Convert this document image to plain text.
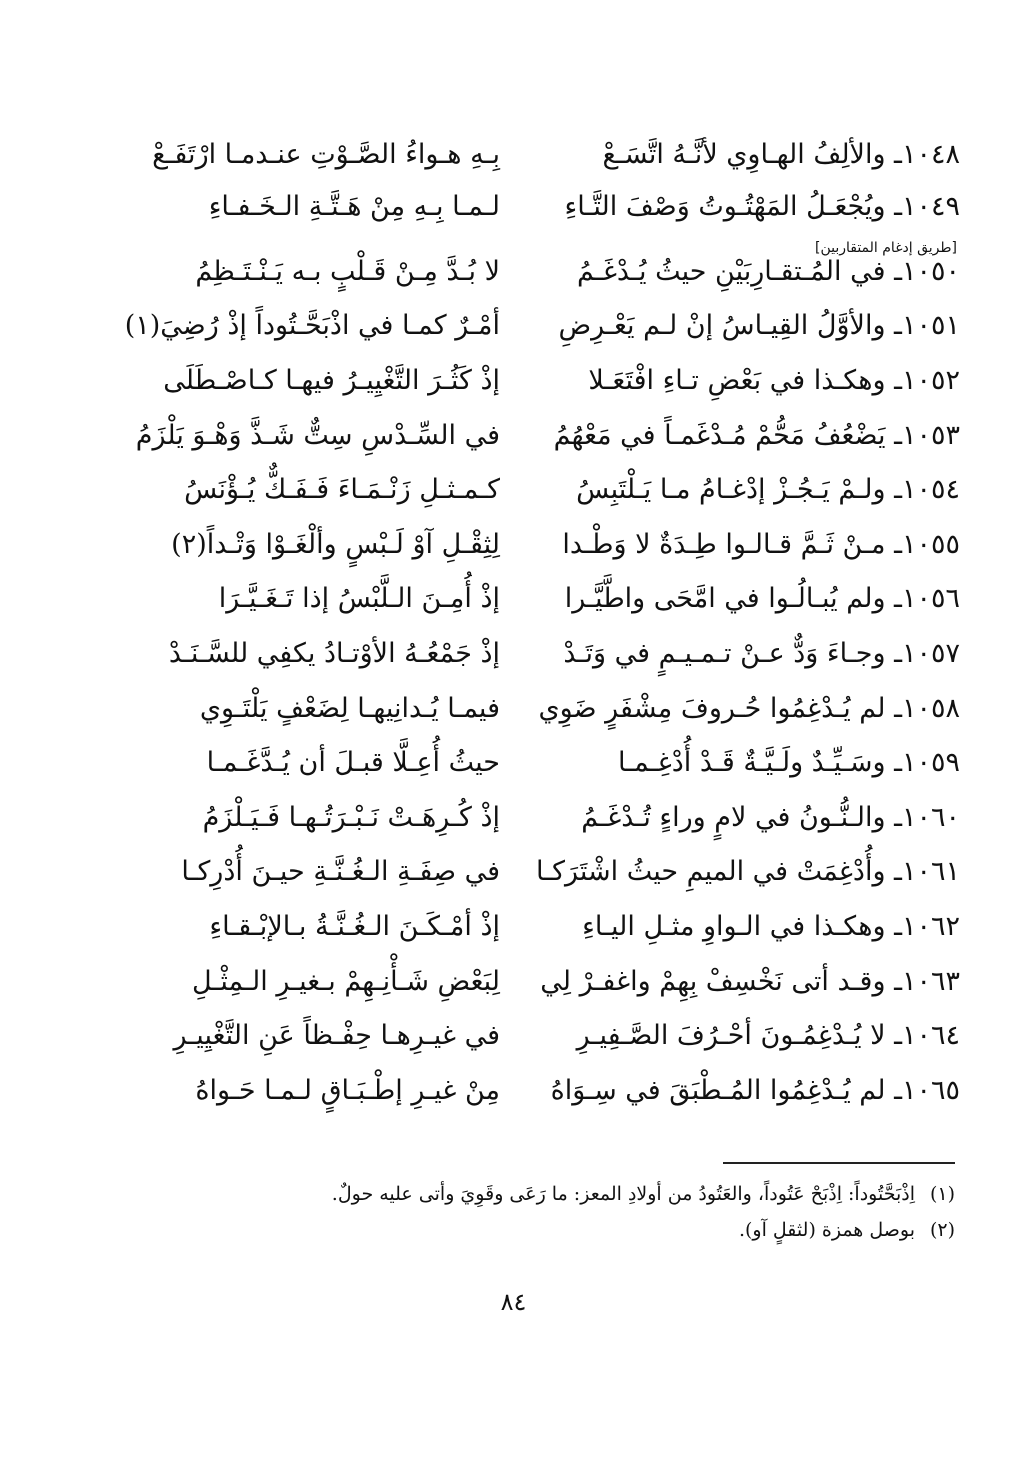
١٠٤٨ـ والألِفُ الهـاوِي لأنَّـهُ اتَّسَـعْ
بِـهِ هـواءُ الصَّـوْتِ عنـدمـا ارْتَفَـعْ
١٠٤٩ـ ويُجْعَـلُ المَهْتُـوتُ وَصْفَ التَّـاءِ
لـمـا بِـهِ مِنْ هَـتَّـةِ الـخَـفـاءِ
[طريق إدغام المتقاربين]
١٠٥٠ـ في المُـتقـارِبَيْنِ حيثُ يُـدْغَـمُ
لا بُـدَّ مِـنْ قَـلْبٍ بـه يَـنْـتَـظِمُ
١٠٥١ـ والأوَّلُ القِيـاسُ إنْ لـم يَعْـرِضِ
أمْـرٌ كمـا في اذْبَحَّـتُوداً إذْ رُضِيَ(١)
١٠٥٢ـ وهكـذا في بَعْضِ تـاءِ افْتَعَـلا
إذْ كَثُـرَ التَّغْيِيـرُ فيهـا كـاصْـطَلَى
١٠٥٣ـ يَضْعُفُ مَحُّمْ مُـدْغَمـاً في مَعْهُمُ
في السِّـدْسِ سِتٌّ شَـذَّ وَهْـوَ يَلْزَمُ
١٠٥٤ـ ولـمْ يَـجُـزْ إدْغـامُ مـا يَـلْتَبِسُ
كـمـثـلِ زَنْـمَـاءَ فَـفَـكٌّ يُـؤْنَسُ
١٠٥٥ـ مـنْ ثَـمَّ قـالـوا طِـدَةٌ لا وَطْـدا
لِثِقْـلِ آوْ لَـبْسٍ وألْغَـوْا وَتْـداً(٢)
١٠٥٦ـ ولم يُبـالُـوا في امَّحَى واطَّيَّـرا
إذْ أُمِـنَ الـلَّبْسُ إذا تَـغَـيَّـرَا
١٠٥٧ـ وجـاءَ وَدٌّ عـنْ تـمـيـمٍ في وَتَـدْ
إذْ جَمْعُـهُ الأوْتـادُ يكفِي للسَّـنَـدْ
١٠٥٨ـ لم يُـدْغِمُوا حُـروفَ مِشْفَرٍ ضَوِي
فيمـا يُـدانِيهـا لِضَعْفٍ يَلْتَـوِي
١٠٥٩ـ وسَـيِّـدٌ ولَـيَّـةٌ قَـدْ أُدْغِـمـا
حيثُ أُعِـلَّا قبـلَ أن يُـدَّغَـمـا
١٠٦٠ـ والـنُّـونُ في لامٍ وراءٍ تُـدْغَـمُ
إذْ كُـرِهَـتْ نَـبْـرَتُـهـا فَـيَـلْزَمُ
١٠٦١ـ وأُدْغِمَتْ في الميمِ حيثُ اشْتَرَكـا
في صِفَـةِ الـغُـنَّـةِ حيـنَ أُدْرِكـا
١٠٦٢ـ وهكـذا في الـواوِ مثـلِ اليـاءِ
إذْ أمْـكَـنَ الـغُـنَّـةُ بـالإبْـقـاءِ
١٠٦٣ـ وقـد أتى نَخْسِفْ بِهِمْ واغفـرْ لِي
لِبَعْضِ شَـأْنِـهِمْ بـغيـرِ الـمِثْـلِ
١٠٦٤ـ لا يُـدْغِمُـونَ أحْـرُفَ الصَّـفِيـرِ
في غيـرِهـا حِفْـظاً عَنِ التَّغْيِيـرِ
١٠٦٥ـ لم يُـدْغِمُوا المُـطْبَقَ في سِـوَاهُ
مِنْ غيـرِ إطْـبَـاقٍ لـمـا حَـواهُ
(١)
اِذْبَحَّتُوداً: اِذْبَحْ عَتُوداً، والعَتُودُ من أولادِ المعز: ما رَعَى وقَوِيَ وأتى عليه حولٌ.
(٢)
بوصل همزة (لثقلٍ آو).
٨٤
